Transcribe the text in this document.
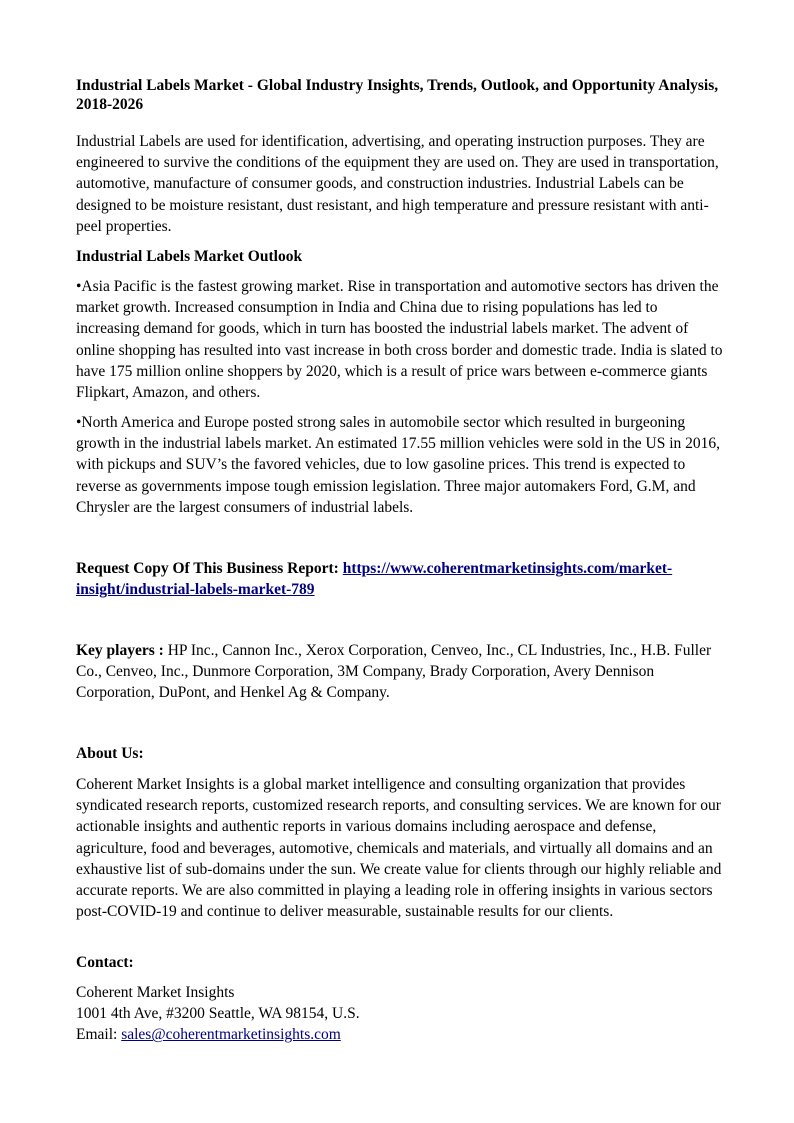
Industrial Labels Market - Global Industry Insights, Trends, Outlook, and Opportunity Analysis, 2018-2026

Industrial Labels are used for identification, advertising, and operating instruction purposes. They are engineered to survive the conditions of the equipment they are used on. They are used in transportation, automotive, manufacture of consumer goods, and construction industries. Industrial Labels can be designed to be moisture resistant, dust resistant, and high temperature and pressure resistant with anti-peel properties.

Industrial Labels Market Outlook

•Asia Pacific is the fastest growing market. Rise in transportation and automotive sectors has driven the market growth. Increased consumption in India and China due to rising populations has led to increasing demand for goods, which in turn has boosted the industrial labels market. The advent of online shopping has resulted into vast increase in both cross border and domestic trade. India is slated to have 175 million online shoppers by 2020, which is a result of price wars between e-commerce giants Flipkart, Amazon, and others.

•North America and Europe posted strong sales in automobile sector which resulted in burgeoning growth in the industrial labels market. An estimated 17.55 million vehicles were sold in the US in 2016, with pickups and SUV’s the favored vehicles, due to low gasoline prices. This trend is expected to reverse as governments impose tough emission legislation. Three major automakers Ford, G.M, and Chrysler are the largest consumers of industrial labels.

Request Copy Of This Business Report: https://www.coherentmarketinsights.com/market-insight/industrial-labels-market-789

Key players : HP Inc., Cannon Inc., Xerox Corporation, Cenveo, Inc., CL Industries, Inc., H.B. Fuller Co., Cenveo, Inc., Dunmore Corporation, 3M Company, Brady Corporation, Avery Dennison Corporation, DuPont, and Henkel Ag & Company.

About Us:

Coherent Market Insights is a global market intelligence and consulting organization that provides syndicated research reports, customized research reports, and consulting services. We are known for our actionable insights and authentic reports in various domains including aerospace and defense, agriculture, food and beverages, automotive, chemicals and materials, and virtually all domains and an exhaustive list of sub-domains under the sun. We create value for clients through our highly reliable and accurate reports. We are also committed in playing a leading role in offering insights in various sectors post-COVID-19 and continue to deliver measurable, sustainable results for our clients.

Contact:

Coherent Market Insights
1001 4th Ave, #3200 Seattle, WA 98154, U.S.
Email: sales@coherentmarketinsights.com
